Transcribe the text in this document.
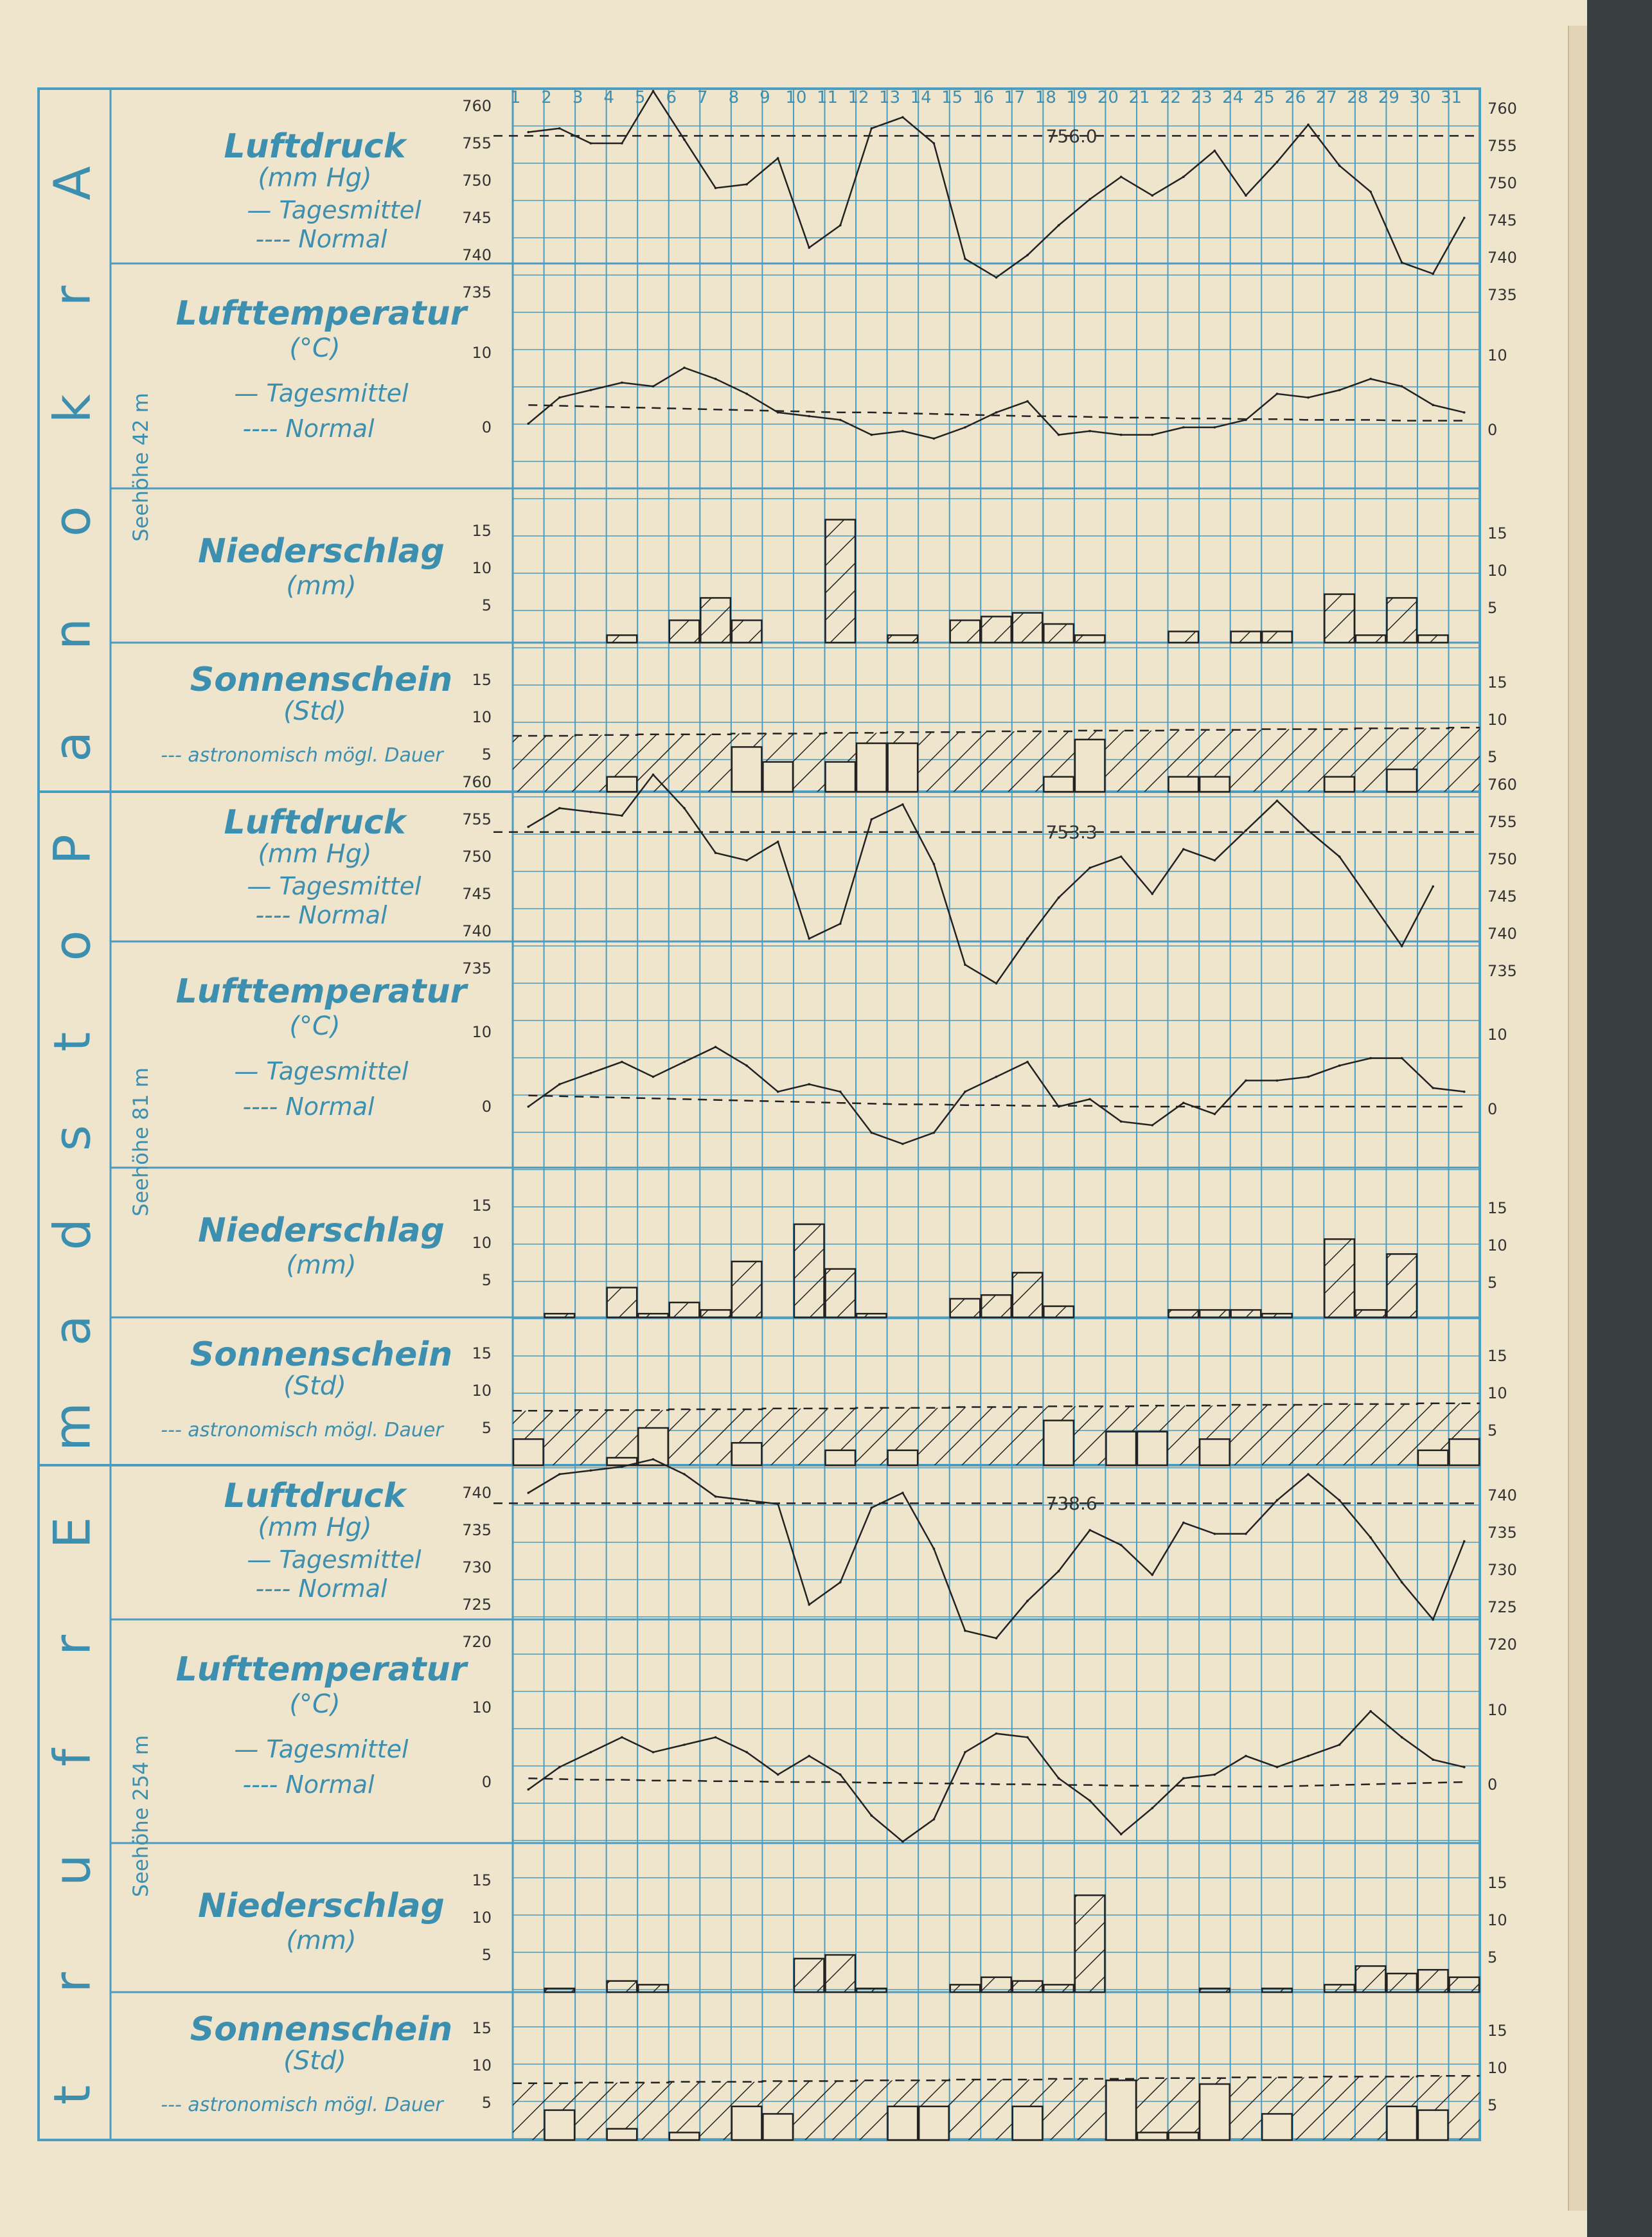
A
r
k
o
n
a
Seehöhe 42 m
P
o
t
s
d
a
m
Seehöhe 81 m
E
r
f
u
r
t
Seehöhe 254 m
Luftdruck
(mm Hg)
— Tagesmittel
---- Normal
Lufttemperatur
(°C)
— Tagesmittel
---- Normal
Niederschlag
(mm)
Sonnenschein
(Std)
--- astronomisch mögl. Dauer
Luftdruck
(mm Hg)
— Tagesmittel
---- Normal
Lufttemperatur
(°C)
— Tagesmittel
---- Normal
Niederschlag
(mm)
Sonnenschein
(Std)
--- astronomisch mögl. Dauer
Luftdruck
(mm Hg)
— Tagesmittel
---- Normal
Lufttemperatur
(°C)
— Tagesmittel
---- Normal
Niederschlag
(mm)
Sonnenschein
(Std)
--- astronomisch mögl. Dauer
760	760
755	755
750	750
745	745
740	740
735	735
10	10
0	0
15	15
10	10
5	5
15	15
10	10
5	5
760	760
755	755
750	750
745	745
740	740
735	735
10	10
0	0
15	15
10	10
5	5
15	15
10	10
5	5
740	740
735	735
730	730
725	725
720	720
10	10
0	0
15	15
10	10
5	5
15	15
10	10
5	5
1 2 3 4 5 6 7 8 9 10 11 12 13 14 15 16 17 18 19 20 21 22 23 24 25 26 27 28 29 30 31
756.0
753.3
738.6
